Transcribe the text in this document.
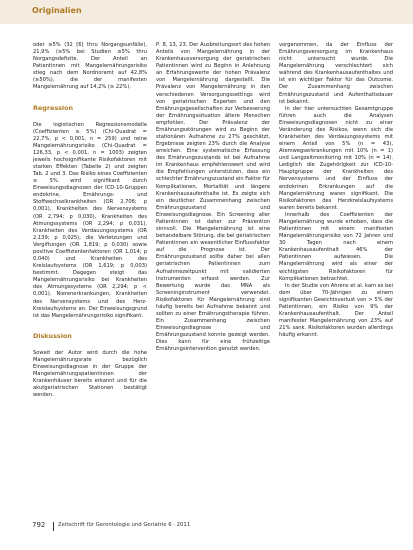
Originalien

oder ≥5% (32 [6] thru Norgangsunfälle), 21,9% (≥5% bei Studien ≥5% thru Norgangsdefizite. Der Anteil an Patientinnen mit Mangelernährungsrisiko stieg nach dem Nordnoramt auf 42,8% (≥50%), die der manifesten Mangelernährung auf 14,2% (≥ 22%).

Regression

Die logistischen Regressionsmodelle (Coeffizienten ≥ 5%) (Chi-Quadrat = 22,7%, p < 0,001, n = 259) und reine Mangelernährungsrisiko (Chi-Quadrat = 126,33, p < 0,001, n = 1003) zeigten jeweils hochsignifikante Risikofaktoren mit starken Effekten (Tabelle 2) und zeigten Tab. 2 und 3. Das Risiko eines Coeffizienten ≥ 5% wird signifikant durch Einweisungsdiagnosen der ICD-10-Gruppen endokrine, Ernährungs- und Stoffwechselkrankheiten (OR 2,706; p 0,001), Krankheiten des Nervensystems (OR 2,794; p 0,030), Krankheiten des Atmungssystems (OR 2,294; p 0,031), Krankheiten des Verdauungssystems (OR 2,139; p 0,025), die Verletzungen und Vergiftungen (OR 1,819; p 0,030) sowie positive Coeffizientenfaktoren (OR 1,014; p 0,040) und Krankheiten des Kreislaufsystems (OR 1,619; p 0,003) bestimmt. Dagegen steigt das Mangelernährungsrisiko bei Krankheiten des Atmungssystems (OR 2,294; p < 0,001), Nierenerkrankungen, Krankheiten des Nervensystems und des Herz-Kreislaufsystems an. Der Einweisungsgrund ist das Mangelernährungsrisiko signifikant.

Diskussion

Soweit der Autor wird durch die hohe Mangelernährungsrate bezüglich Einweisungsdiagnose in der Gruppe der Mangelernährungspatientinnen der Krankenhäuser bereits erkannt und für die akutgeriatrischen Stationen bestätigt werden.

P, 8, 13, 23. Der Ausbreitungsort des hohen Anteils von Mangelernährung in der Krankenhausversorgung der geriatrischen Patientinnen wird zu Beginn in Anlehnung an Erfahrungswerte der hohen Prävalenz von Mangelernährung dargestellt. Die Prävalenz von Mangelernährung in den verschiedenen Versorgungssettings wird von geriatrischen Experten und den Ernährungsgesellschaften zur Verbesserung der Ernährungssituation ältere Menschen empfohlen. Der Prävalenz der Ernährungsstörungen wird zu Beginn der stationären Aufnahme zu 27% geschätzt, Ergebnisse zeigten 23% durch die Analyse erreichen. Eine systematische Erfassung des Ernährungszustands ist bei Aufnahme im Krankenhaus empfehlenswert und wird die Empfehlungen unterstützen, dass ein schlechter Ernährungszustand ein Faktor für Komplikationen, Mortalität und längere Krankenhausaufenthalte ist. Es zeigte sich ein deutlicher Zusammenhang zwischen Ernährungszustand und Einweisungsdiagnose. Ein Screening aller Patientinnen ist daher zur Prävention sinnvoll. Die Mangelernährung ist eine behandelbare Störung, die bei geriatrischen Patientinnen ein wesentlicher Einflussfaktor auf die Prognose ist. Der Ernährungszustand sollte daher bei allen geriatrischen Patientinnen zum Aufnahmezeitpunkt mit validierten Instrumenten erfasst werden. Zur Bewertung wurde das MNA als Screeninginstrument verwendet. Risikofaktoren für Mangelernährung sind häufig bereits bei Aufnahme bekannt und sollten zu einer Ernährungstherapie führen. Ein Zusammenhang zwischen Einweisungsdiagnose und Ernährungszustand konnte gezeigt werden. Dies kann für eine frühzeitige Ernährungsintervention genutzt werden.

vorgenommen, da der Einfluss der Ernährungsversorgung im Krankenhaus nicht untersucht wurde. Die Mangelernährung verschlechtert sich während des Krankenhausaufenthaltes und ist ein wichtiger Faktor für das Outcome. Der Zusammenhang zwischen Ernährungszustand und Aufenthaltsdauer ist bekannt.

In der hier untersuchten Gesamtgruppe führen auch die Analysen Einweisungsdiagnosen nicht zu einer Veränderung des Risikos, wenn sich die Krankheiten des Verdauungssystems mit einem Anteil von 5% (n = 43), Atemwegserkrankungen mit 10% (n = 1) und Langzeitmonitoring mit 10% (n = 14). Lediglich die Zugehörigkeit zur ICD-10-Hauptgruppe der Krankheiten des Nervensystems und der Einfluss der endokrinen Erkrankungen auf die Mangelernährung waren signifikant. Die Risikofaktoren des Herzkreislaufsystems waren bereits bekannt.

Innerhalb des Coeffizienten der Mangelernährung wurde erhoben, dass die Patientinnen mit einem manifesten Mangelernährungsrisiko von 72 Jahren und 30 Tagen nach einem Krankenhausaufenthalt 46% der Patientinnen aufwiesen. Die Mangelernährung wird als einer der wichtigsten Risikofaktoren für Komplikationen betrachtet.

In der Studie von Ahrens et al. kam es bei dem über 70-Jährigen zu einem signifikanten Gewichtsverlust von > 5% der Patientinnen, ein Risiko von 9% der Krankenhausaufenthalt. Der Anteil manifester Mangelernährung von 23% auf 21% sank. Risikofaktoren wurden allerdings häufig erkannt.

792 Zeitschrift für Gerontologie und Geriatrie 6 · 2011
